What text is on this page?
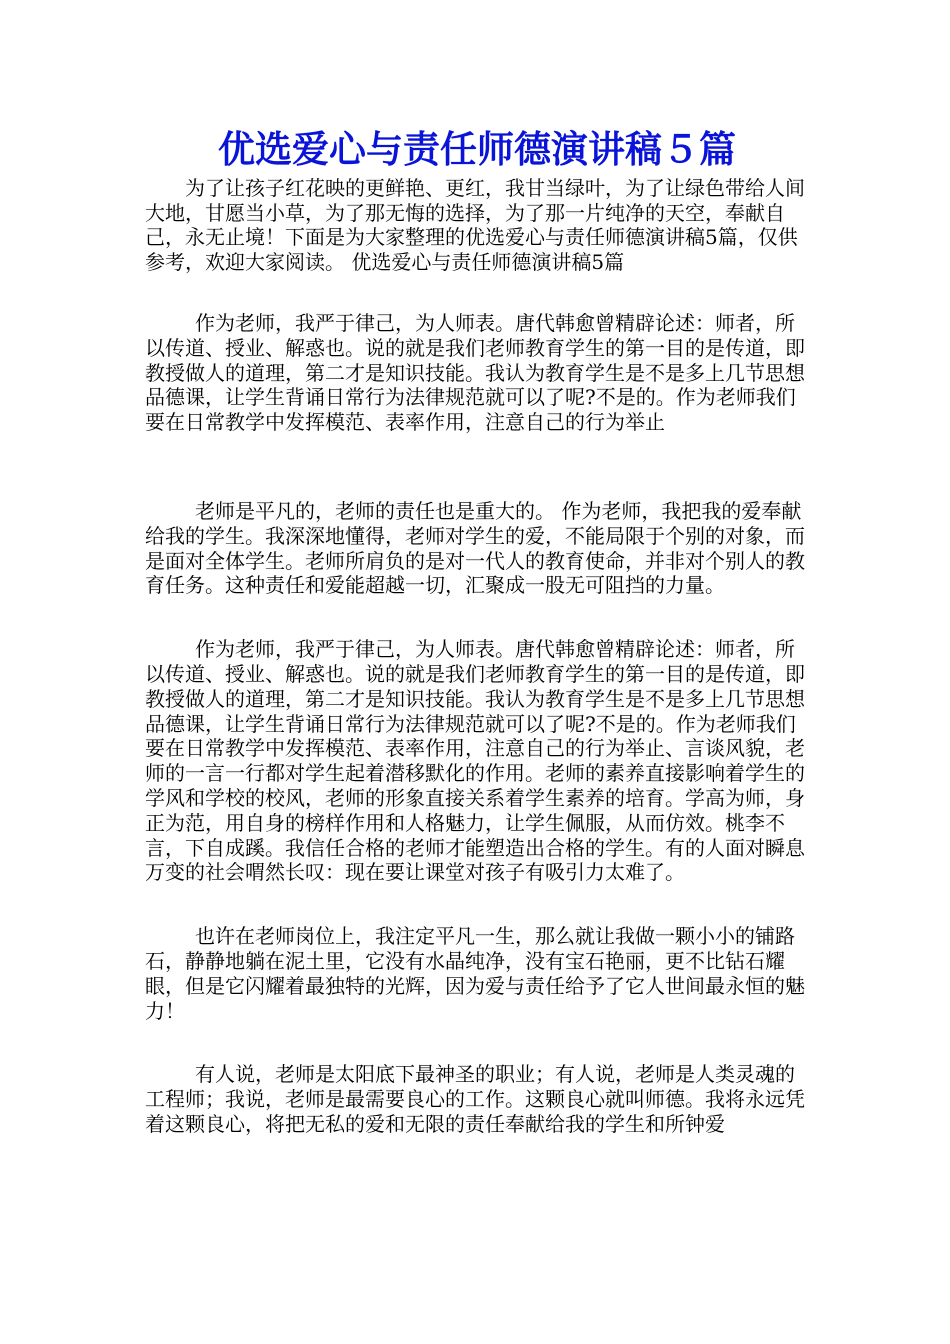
优选爱心与责任师德演讲稿５篇

为了让孩子红花映的更鲜艳、更红，我甘当绿叶，为了让绿色带给人间大地，甘愿当小草，为了那无悔的选择，为了那一片纯净的天空，奉献自己，永无止境！下面是为大家整理的优选爱心与责任师德演讲稿5篇，仅供参考，欢迎大家阅读。 优选爱心与责任师德演讲稿5篇

作为老师，我严于律己，为人师表。唐代韩愈曾精辟论述：师者，所以传道、授业、解惑也。说的就是我们老师教育学生的第一目的是传道，即教授做人的道理，第二才是知识技能。我认为教育学生是不是多上几节思想品德课，让学生背诵日常行为法律规范就可以了呢?不是的。作为老师我们要在日常教学中发挥模范、表率作用，注意自己的行为举止

老师是平凡的，老师的责任也是重大的。 作为老师，我把我的爱奉献给我的学生。我深深地懂得，老师对学生的爱，不能局限于个别的对象，而是面对全体学生。老师所肩负的是对一代人的教育使命，并非对个别人的教育任务。这种责任和爱能超越一切，汇聚成一股无可阻挡的力量。

作为老师，我严于律己，为人师表。唐代韩愈曾精辟论述：师者，所以传道、授业、解惑也。说的就是我们老师教育学生的第一目的是传道，即教授做人的道理，第二才是知识技能。我认为教育学生是不是多上几节思想品德课，让学生背诵日常行为法律规范就可以了呢?不是的。作为老师我们要在日常教学中发挥模范、表率作用，注意自己的行为举止、言谈风貌，老师的一言一行都对学生起着潜移默化的作用。老师的素养直接影响着学生的学风和学校的校风，老师的形象直接关系着学生素养的培育。学高为师，身正为范，用自身的榜样作用和人格魅力，让学生佩服，从而仿效。桃李不言，下自成蹊。我信任合格的老师才能塑造出合格的学生。有的人面对瞬息万变的社会喟然长叹：现在要让课堂对孩子有吸引力太难了。

也许在老师岗位上，我注定平凡一生，那么就让我做一颗小小的铺路石，静静地躺在泥土里，它没有水晶纯净，没有宝石艳丽，更不比钻石耀眼，但是它闪耀着最独特的光辉，因为爱与责任给予了它人世间最永恒的魅力！

有人说，老师是太阳底下最神圣的职业；有人说，老师是人类灵魂的工程师；我说，老师是最需要良心的工作。这颗良心就叫师德。我将永远凭着这颗良心，将把无私的爱和无限的责任奉献给我的学生和所钟爱
